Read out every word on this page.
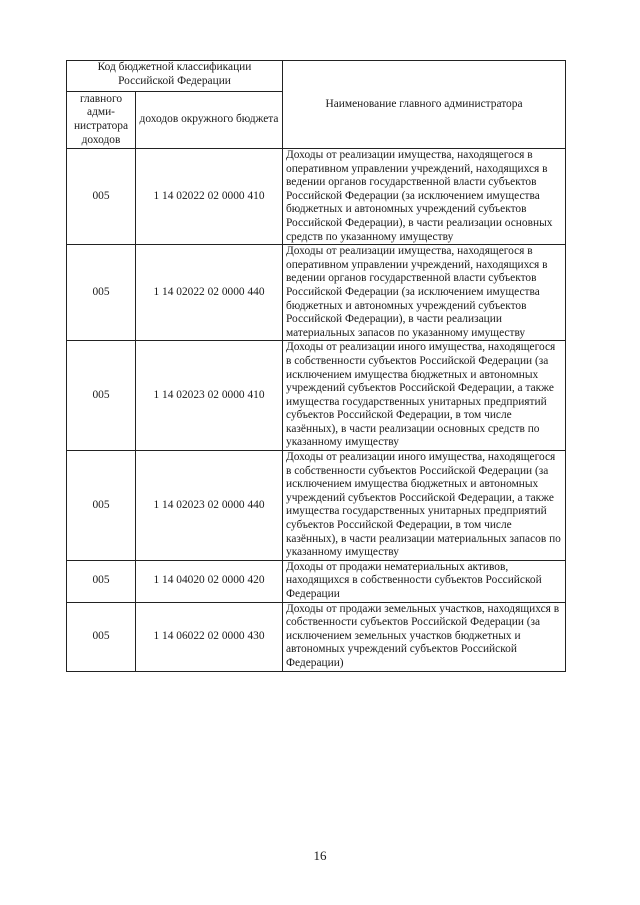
Код бюджетной классификации Российской Федерации		Наименование главного администратора
главного адми-нистратора доходов	доходов окружного бюджета	
005	1 14 02022 02 0000 410	Доходы от реализации имущества, находящегося в оперативном управлении учреждений, находящихся в ведении органов государственной власти субъектов Российской Федерации (за исключением имущества бюджетных и автономных учреждений субъектов Российской Федерации), в части реализации основных средств по указанному имуществу
005	1 14 02022 02 0000 440	Доходы от реализации имущества, находящегося в оперативном управлении учреждений, находящихся в ведении органов государственной власти субъектов Российской Федерации (за исключением имущества бюджетных и автономных учреждений субъектов Российской Федерации), в части реализации материальных запасов по указанному имуществу
005	1 14 02023 02 0000 410	Доходы от реализации иного имущества, находящегося в собственности субъектов Российской Федерации (за исключением имущества бюджетных и автономных учреждений субъектов Российской Федерации, а также имущества государственных унитарных предприятий субъектов Российской Федерации, в том числе казённых), в части реализации основных средств по указанному имуществу
005	1 14 02023 02 0000 440	Доходы от реализации иного имущества, находящегося в собственности субъектов Российской Федерации (за исключением имущества бюджетных и автономных учреждений субъектов Российской Федерации, а также имущества государственных унитарных предприятий субъектов Российской Федерации, в том числе казённых), в части реализации материальных запасов по указанному имуществу
005	1 14 04020 02 0000 420	Доходы от продажи нематериальных активов, находящихся в собственности субъектов Российской Федерации
005	1 14 06022 02 0000 430	Доходы от продажи земельных участков, находящихся в собственности субъектов Российской Федерации (за исключением земельных участков бюджетных и автономных учреждений субъектов Российской Федерации)
16
